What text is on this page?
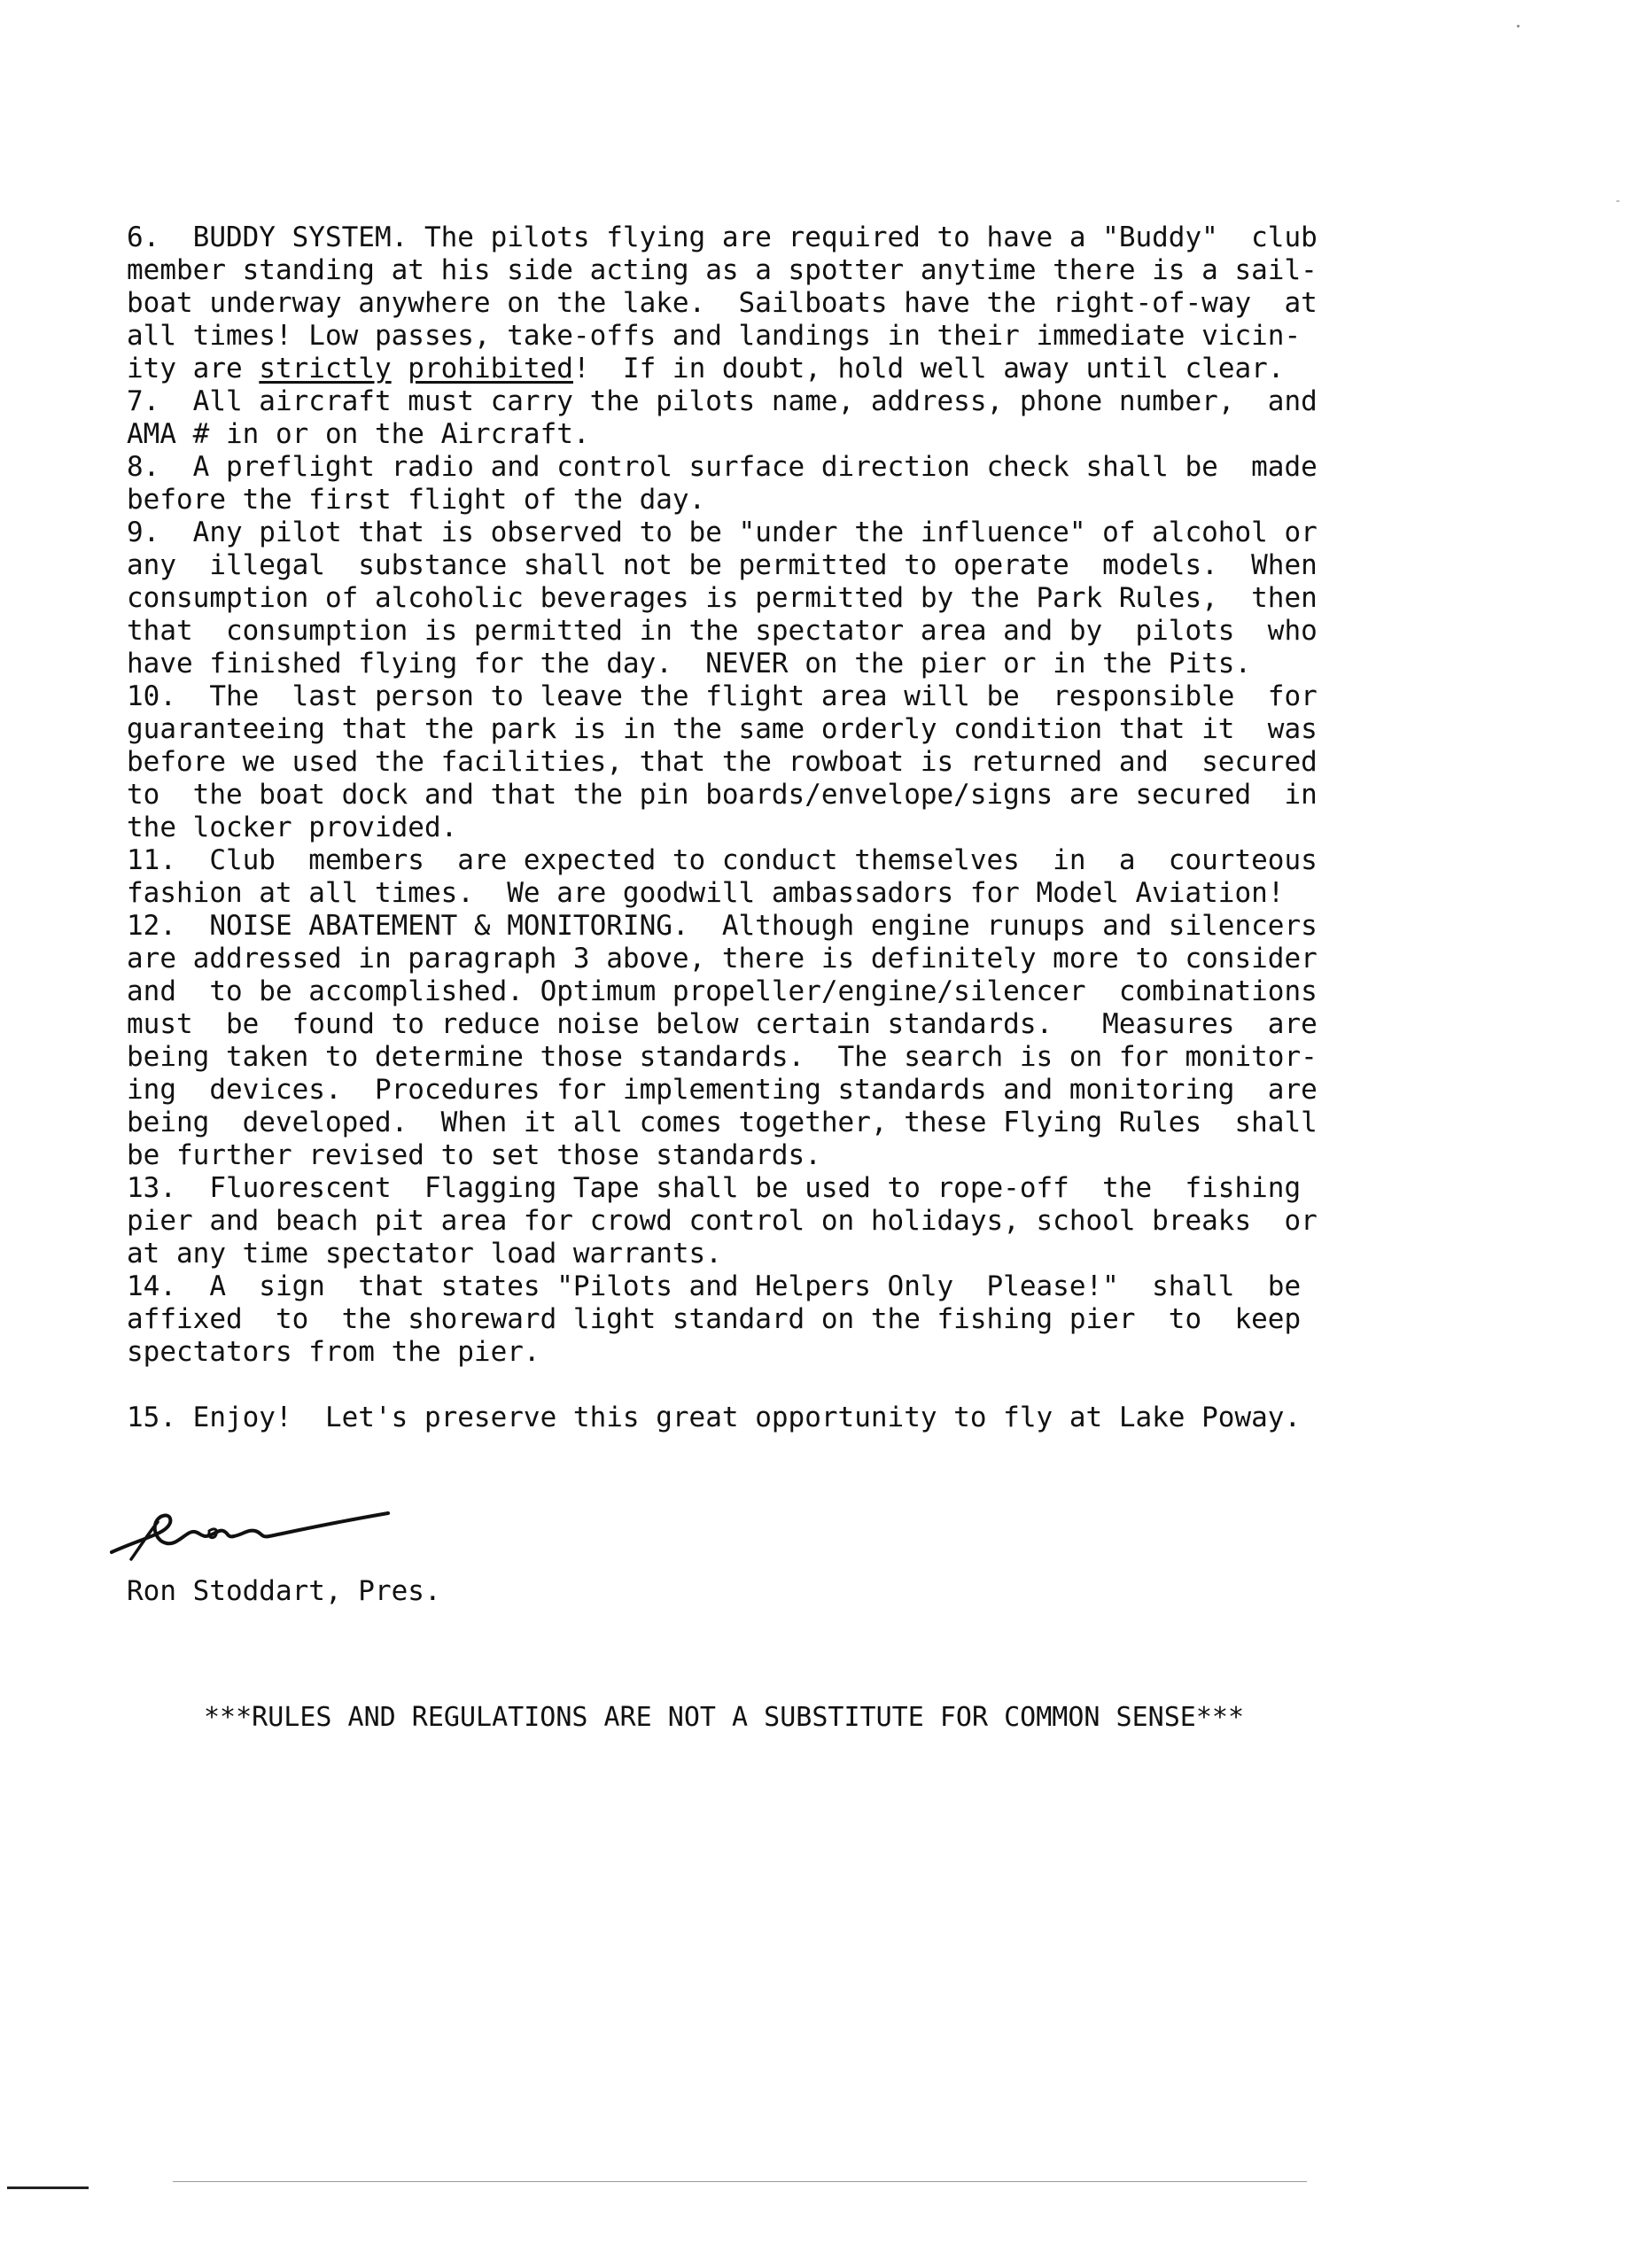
6.  BUDDY SYSTEM. The pilots flying are required to have a "Buddy"  club
member standing at his side acting as a spotter anytime there is a sail-
boat underway anywhere on the lake.  Sailboats have the right-of-way  at
all times! Low passes, take-offs and landings in their immediate vicin-
ity are strictly prohibited!  If in doubt, hold well away until clear.
7.  All aircraft must carry the pilots name, address, phone number,  and
AMA # in or on the Aircraft.
8.  A preflight radio and control surface direction check shall be  made
before the first flight of the day.
9.  Any pilot that is observed to be "under the influence" of alcohol or
any  illegal  substance shall not be permitted to operate  models.  When
consumption of alcoholic beverages is permitted by the Park Rules,  then
that  consumption is permitted in the spectator area and by  pilots  who
have finished flying for the day.  NEVER on the pier or in the Pits.
10.  The  last person to leave the flight area will be  responsible  for
guaranteeing that the park is in the same orderly condition that it  was
before we used the facilities, that the rowboat is returned and  secured
to  the boat dock and that the pin boards/envelope/signs are secured  in
the locker provided.
11.  Club  members  are expected to conduct themselves  in  a  courteous
fashion at all times.  We are goodwill ambassadors for Model Aviation!
12.  NOISE ABATEMENT & MONITORING.  Although engine runups and silencers
are addressed in paragraph 3 above, there is definitely more to consider
and  to be accomplished. Optimum propeller/engine/silencer  combinations
must  be  found to reduce noise below certain standards.   Measures  are
being taken to determine those standards.  The search is on for monitor-
ing  devices.  Procedures for implementing standards and monitoring  are
being  developed.  When it all comes together, these Flying Rules  shall
be further revised to set those standards.
13.  Fluorescent  Flagging Tape shall be used to rope-off  the  fishing
pier and beach pit area for crowd control on holidays, school breaks  or
at any time spectator load warrants.
14.  A  sign  that states "Pilots and Helpers Only  Please!"  shall  be
affixed  to  the shoreward light standard on the fishing pier  to  keep
spectators from the pier.
15. Enjoy!  Let's preserve this great opportunity to fly at Lake Poway.
Ron Stoddart, Pres.
***RULES AND REGULATIONS ARE NOT A SUBSTITUTE FOR COMMON SENSE***
